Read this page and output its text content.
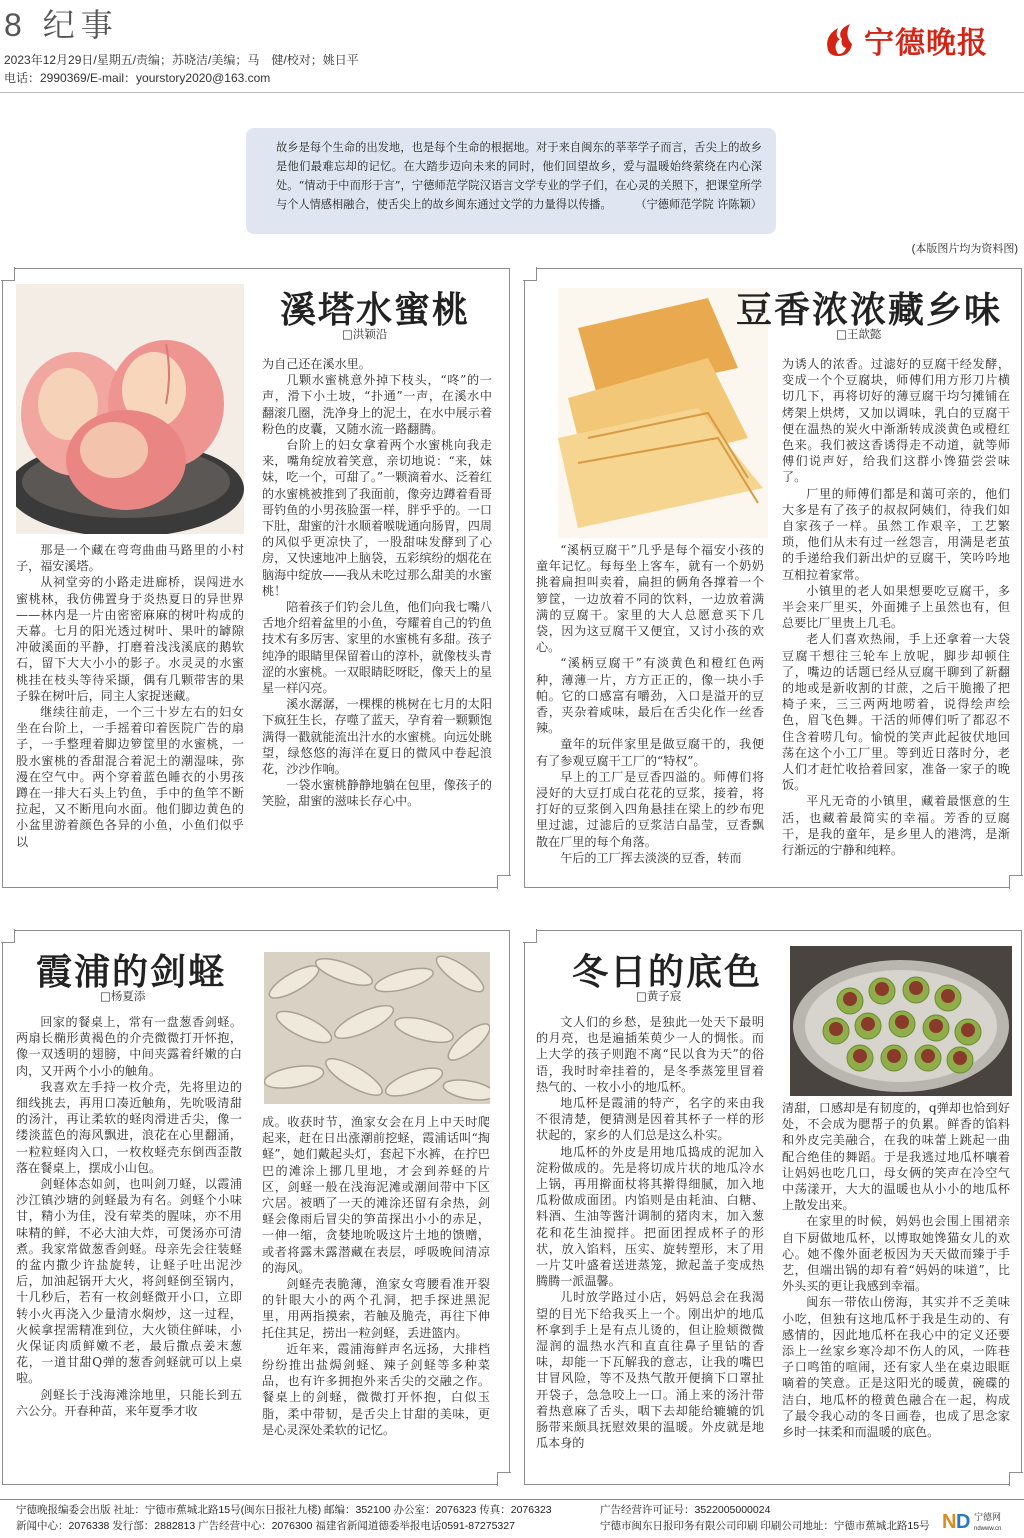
8 纪事
2023年12月29日/星期五/责编；苏晓洁/美编；马　健/校对；姚日平
电话：2990369/E-mail：yourstory2020@163.com
宁德晚报
故乡是每个生命的出发地，也是每个生命的根据地。对于来自闽东的莘莘学子而言，舌尖上的故乡是他们最难忘却的记忆。在大踏步迈向未来的同时，他们回望故乡，爱与温暖始终萦绕在内心深处。“情动于中而形于言”，宁德师范学院汉语言文学专业的学子们，在心灵的关照下，把课堂所学与个人情感相融合，使舌尖上的故乡闽东通过文学的力量得以传播。	（宁德师范学院 许陈颖）
(本版图片均为资料图)
溪塔水蜜桃
□洪颖沿

那是一个藏在弯弯曲曲马路里的小村子，福安溪塔。

从祠堂旁的小路走进廊桥，误闯进水蜜桃林，我仿佛置身于炎热夏日的异世界——林内是一片由密密麻麻的树叶构成的天幕。七月的阳光透过树叶、果叶的罅隙冲破溪面的平静，打磨着浅浅溪底的鹅软石，留下大大小小的影子。水灵灵的水蜜桃挂在枝头等待采撷，偶有几颗带害的果子躲在树叶后，同主人家捉迷藏。

继续往前走，一个三十岁左右的妇女坐在台阶上，一手摇着印着医院广告的扇子，一手整理着脚边箩筐里的水蜜桃，一股水蜜桃的香甜混合着泥土的潮湿味，弥漫在空气中。两个穿着蓝色睡衣的小男孩蹲在一排大石头上钓鱼，手中的鱼竿不断拉起，又不断甩向水面。他们脚边黄色的小盆里游着颜色各异的小鱼，小鱼们似乎以

为自己还在溪水里。

几颗水蜜桃意外掉下枝头，“咚”的一声，滑下小土坡，“扑通”一声，在溪水中翻滚几圈，洗净身上的泥土，在水中展示着粉色的皮囊，又随水流一路翻腾。

台阶上的妇女拿着两个水蜜桃向我走来，嘴角绽放着笑意，亲切地说：“来，妹妹，吃一个，可甜了。”一颗滴着水、泛着红的水蜜桃被推到了我面前，像旁边蹲着看哥哥钓鱼的小男孩脸蛋一样，胖乎乎的。一口下肚，甜蜜的汁水顺着喉咙通向肠胃，四周的风似乎更凉快了，一股甜味发酵到了心房，又快速地冲上脑袋，五彩缤纷的烟花在脑海中绽放——我从未吃过那么甜美的水蜜桃！

陪着孩子们钓会儿鱼，他们向我七嘴八舌地介绍着盆里的小鱼，夸耀着自己的钓鱼技术有多厉害、家里的水蜜桃有多甜。孩子纯净的眼睛里保留着山的淳朴，就像枝头青涩的水蜜桃。一双眼睛眨呀眨，像天上的星星一样闪亮。

溪水潺潺，一棵棵的桃树在七月的太阳下疯狂生长，存噬了蓝天，孕育着一颗颗饱满得一戳就能流出汁水的水蜜桃。向远处眺望，绿悠悠的海洋在夏日的微风中卷起浪花，沙沙作响。

一袋水蜜桃静静地躺在包里，像孩子的笑脸，甜蜜的滋味长存心中。

豆香浓浓藏乡味
□王歆懿

“溪柄豆腐干”几乎是每个福安小孩的童年记忆。每每坐上客车，就有一个奶奶挑着扁担叫卖着，扁担的俩角各撑着一个箩筐，一边放着不同的饮料，一边放着满满的豆腐干。家里的大人总愿意买下几袋，因为这豆腐干又便宜，又讨小孩的欢心。

“溪柄豆腐干”有淡黄色和橙红色两种，薄薄一片，方方正正的，像一块小手帕。它的口感富有嚼劲，入口是溢开的豆香，夹杂着咸味，最后在舌尖化作一丝香辣。

童年的玩伴家里是做豆腐干的，我便有了参观豆腐干工厂的“特权”。

早上的工厂是豆香四溢的。师傅们将浸好的大豆打成白花花的豆浆，接着，将打好的豆浆倒入四角悬挂在梁上的纱布兜里过滤，过滤后的豆浆洁白晶莹，豆香飘散在厂里的每个角落。

午后的工厂挥去淡淡的豆香，转而

为诱人的浓香。过滤好的豆腐干经发酵，变成一个个豆腐块，师傅们用方形刀片横切几下，再将切好的薄豆腐干均匀摊铺在烤架上烘烤，又加以调味，乳白的豆腐干便在温热的炭火中渐渐转成淡黄色或橙红色来。我们被这香诱得走不动道，就等师傅们说声好，给我们这群小馋猫尝尝味了。

厂里的师傅们都是和蔼可亲的，他们大多是有了孩子的叔叔阿姨们，待我们如自家孩子一样。虽然工作艰辛，工艺繁琐，他们从未有过一丝怨言，用满是老茧的手递给我们新出炉的豆腐干，笑吟吟地互相拉着家常。

小镇里的老人如果想要吃豆腐干，多半会来厂里买，外面摊子上虽然也有，但总要比厂里贵上几毛。

老人们喜欢热闹，手上还拿着一大袋豆腐干想往三轮车上放呢，脚步却顿住了，嘴边的话题已经从豆腐干聊到了新翻的地或是新收割的甘蔗，之后干脆搬了把椅子来，三三两两地唠着，说得绘声绘色，眉飞色舞。干活的师傅们听了都忍不住含着唠几句。愉悦的笑声此起彼伏地回荡在这个小工厂里。等到近日落时分，老人们才赶忙收拾着回家，准备一家子的晚饭。

平凡无奇的小镇里，藏着最惬意的生活，也藏着最简实的幸福。芳香的豆腐干，是我的童年，是乡里人的港湾，是渐行渐远的宁静和纯粹。

霞浦的剑蛏
□杨夏添

回家的餐桌上，常有一盘葱香剑蛏。两扇长椭形黄褐色的介壳微微打开怀抱，像一双透明的翅膀，中间夹露着纤嫩的白肉，又开两个小小的触角。

我喜欢左手持一枚介壳，先将里边的细线挑去，再用口凑近触角，先吮吸清甜的汤汁，再让柔软的蛏肉滑进舌尖，像一缕淡蓝色的海风飘进，浪花在心里翻涌，一粒粒蛏肉入口，一枚枚蛏壳东倒西歪散落在餐桌上，摆成小山包。

剑蛏体态如剑，也叫剑刀蛏，以霞浦沙江镇沙塘的剑蛏最为有名。剑蛏个小味甘，精小为佳，没有荤类的腥味，亦不用味精的鲜，不必大油大炸，可煲汤亦可清煮。我家常做葱香剑蛏。母亲先会往装蛏的盆内撒少许盐旋转，让蛏子吐出泥沙后，加油起锅开大火，将剑蛏倒至锅内，十几秒后，若有一枚剑蛏微开小口，立即转小火再浇入少量清水焖炒，这一过程，火候拿捏需精准到位，大火锁住鲜味，小火保证肉质鲜嫩不老，最后撒点姜末葱花，一道甘甜Q弹的葱香剑蛏就可以上桌啦。

剑蛏长于浅海滩涂地里，只能长到五六公分。开春种苗，来年夏季才收

成。收获时节，渔家女会在月上中天时爬起来，赶在日出涨潮前挖蛏，霞浦话叫“掏蛏”，她们戴起头灯，套起下水裤，在拧巴巴的滩涂上挪几里地，才会到养蛏的片区，剑蛏一般在浅海泥滩或潮间带中下区穴居。被晒了一天的滩涂还留有余热，剑蛏会像雨后冒尖的笋苗探出小小的赤足，一伸一缩，贪婪地吮吸这片土地的馈赠，或者将露未露潜藏在表层，呼吸晚间清凉的海风。

剑蛏壳表脆薄，渔家女弯腰看准开裂的针眼大小的两个孔洞，把手探进黑泥里，用两指摸索，若触及脆壳，再往下伸托住其足，捞出一粒剑蛏，丢进篮内。

近年来，霞浦海鲜声名远扬，大排档纷纷推出盐焗剑蛏、辣子剑蛏等多种菜品，也有许多拥抱外来舌尖的交融之作。餐桌上的剑蛏，微微打开怀抱，白似玉脂，柔中带韧，是舌尖上甘甜的美味，更是心灵深处柔软的记忆。

冬日的底色
□黄子宸

文人们的乡愁，是独此一处天下最明的月亮，也是遍插茱萸少一人的惆怅。而上大学的孩子则跑不离“民以食为天”的俗语，我时时牵挂着的，是冬季蒸笼里冒着热气的、一枚小小的地瓜杯。

地瓜杯是霞浦的特产，名字的来由我不很清楚，便猜测是因着其杯子一样的形状起的，家乡的人们总是这么朴实。

地瓜杯的外皮是用地瓜捣成的泥加入淀粉做成的。先是将切成片状的地瓜冷水上锅，再用擀面杖将其擀得细腻，加入地瓜粉做成面团。内馅则是由耗油、白糖、料酒、生油等酱汁调制的猪肉末，加入葱花和花生油搅拌。把面团捏成杯子的形状，放入馅料，压实、旋转塑形，末了用一片艾叶盛着送进蒸笼，掀起盖子变成热腾腾一派温馨。

儿时放学路过小店，妈妈总会在我渴望的目光下给我买上一个。刚出炉的地瓜杯拿到手上是有点儿烫的，但让脸颊微微湿润的温热水汽和直直往鼻子里钻的香味，却能一下瓦解我的意志，让我的嘴巴甘冒风险，等不及热气散开便摘下口罩扯开袋子，急急咬上一口。涌上来的汤汁带着热意麻了舌头，咽下去却能给辘辘的饥肠带来颇具抚慰效果的温暖。外皮就是地瓜本身的

清甜，口感却是有韧度的，q弹却也恰到好处，不会成为腮帮子的负累。鲜香的馅料和外皮完美融合，在我的味蕾上跳起一曲配合绝佳的舞蹈。于是我逃过地瓜杯嚷着让妈妈也吃几口，母女俩的笑声在冷空气中荡漾开，大大的温暖也从小小的地瓜杯上散发出来。

在家里的时候，妈妈也会围上围裙亲自下厨做地瓜杯，以博取她馋猫女儿的欢心。她不像外面老板因为天天做而臻于手艺，但端出锅的却有着“妈妈的味道”，比外头买的更让我感到幸福。

闽东一带依山傍海，其实并不乏美味小吃，但独有这地瓜杯于我是生动的、有感情的，因此地瓜杯在我心中的定义还要添上一丝家乡寒冷却不伤人的风，一阵巷子口鸣笛的喧闹，还有家人坐在桌边眼眶嘀着的笑意。正是这阳光的暖黄，碗碟的洁白，地瓜杯的橙黄色融合在一起，构成了最令我心动的冬日画卷，也成了思念家乡时一抹柔和而温暖的底色。

宁德晚报编委会出版 社址：宁德市蕉城北路15号(闽东日报社九楼) 邮编：352100 办公室：2076323 传真：2076323
新闻中心：2076338 发行部：2882813 广告经营中心：2076300 福建省新闻道德委举报电话0591-87275327
广告经营许可证号：3522005000024
宁德市闽东日报印务有限公司印刷 印刷公司地址：宁德市蕉城北路15号 N D 宁德网
ndwww.cn
